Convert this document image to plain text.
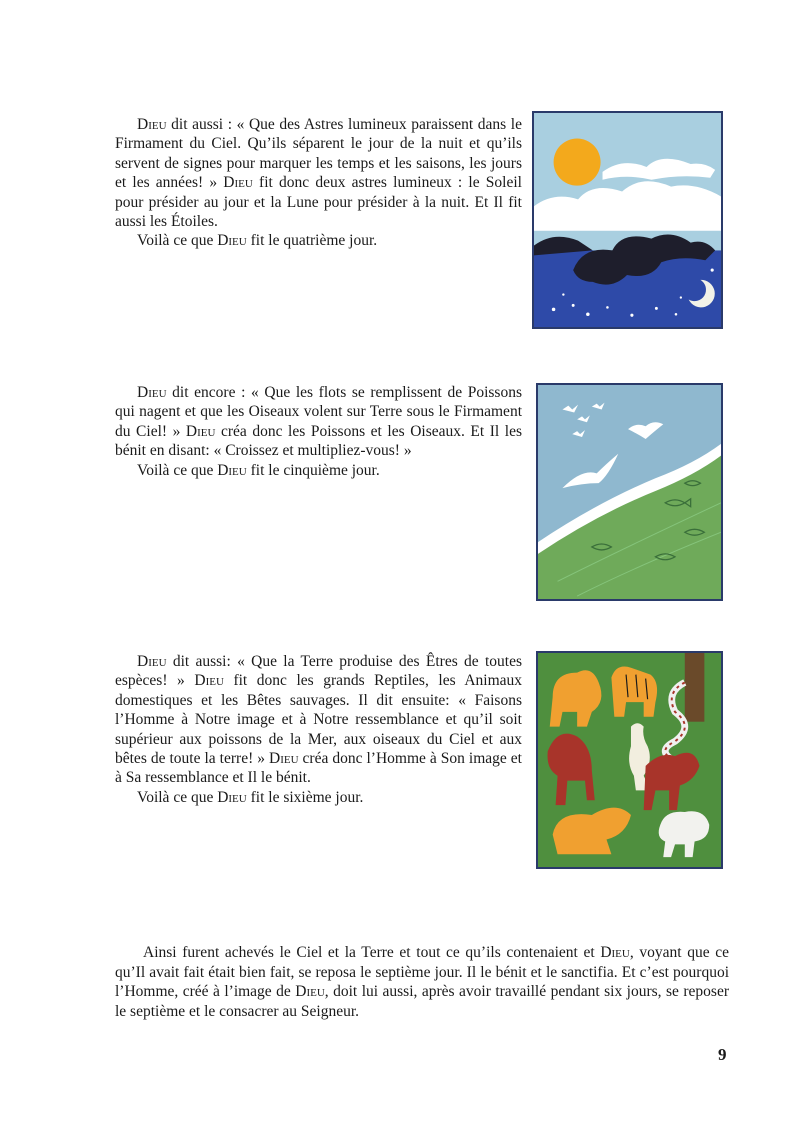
Dieu dit aussi : « Que des Astres lumineux paraissent dans le Firmament du Ciel. Qu’ils séparent le jour de la nuit et qu’ils servent de signes pour marquer les temps et les saisons, les jours et les années! » Dieu fit donc deux astres lumineux : le Soleil pour présider au jour et la Lune pour présider à la nuit. Et Il fit aussi les Étoiles.

Voilà ce que Dieu fit le quatrième jour.

Dieu dit encore : « Que les flots se remplissent de Poissons qui nagent et que les Oiseaux volent sur Terre sous le Firmament du Ciel! » Dieu créa donc les Poissons et les Oiseaux. Et Il les bénit en disant: « Croissez et multipliez-vous! »

Voilà ce que Dieu fit le cinquième jour.

Dieu dit aussi: « Que la Terre produise des Êtres de toutes espèces! » Dieu fit donc les grands Reptiles, les Animaux domestiques et les Bêtes sauvages. Il dit ensuite: « Faisons l’Homme à Notre image et à Notre ressemblance et qu’il soit supérieur aux poissons de la Mer, aux oiseaux du Ciel et aux bêtes de toute la terre! » Dieu créa donc l’Homme à Son image et à Sa ressemblance et Il le bénit.

Voilà ce que Dieu fit le sixième jour.

Ainsi furent achevés le Ciel et la Terre et tout ce qu’ils contenaient et Dieu, voyant que ce qu’Il avait fait était bien fait, se reposa le septième jour. Il le bénit et le sanctifia. Et c’est pourquoi l’Homme, créé à l’image de Dieu, doit lui aussi, après avoir travaillé pendant six jours, se reposer le septième et le consacrer au Seigneur.

9
